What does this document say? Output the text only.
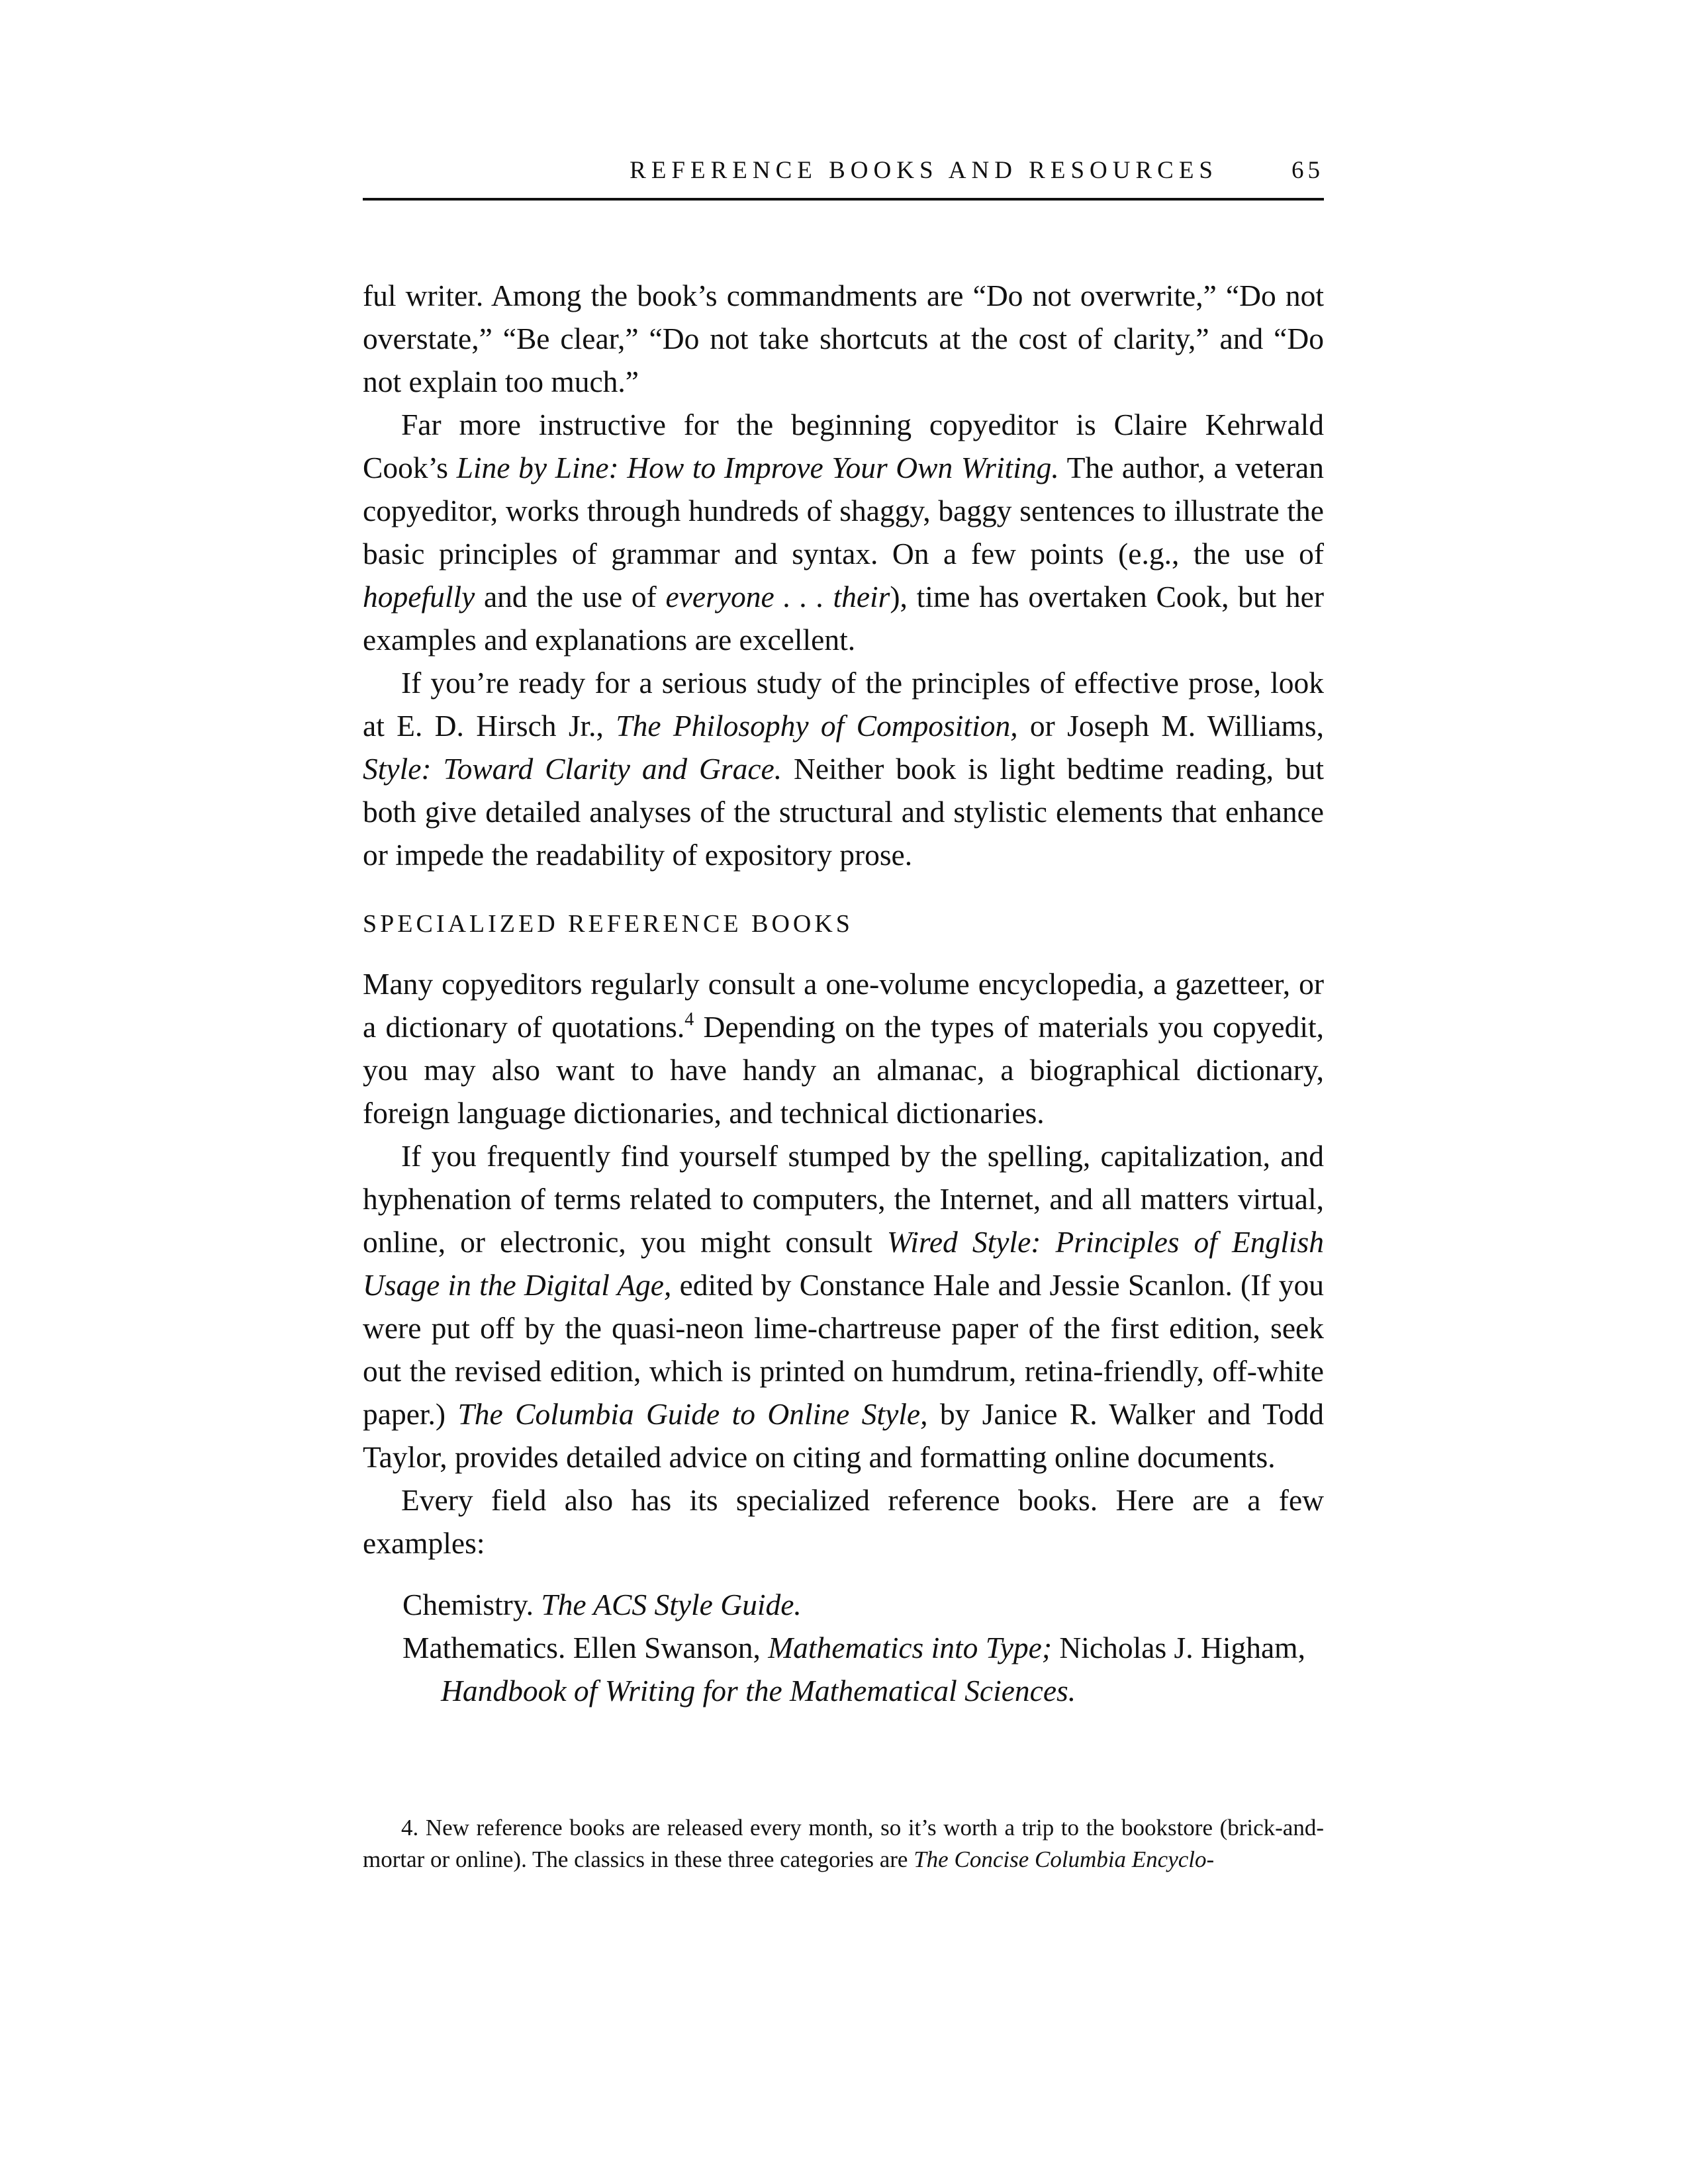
REFERENCE BOOKS AND RESOURCES	65

ful writer. Among the book’s commandments are “Do not overwrite,” “Do not overstate,” “Be clear,” “Do not take shortcuts at the cost of clarity,” and “Do not explain too much.”

Far more instructive for the beginning copyeditor is Claire Kehrwald Cook’s Line by Line: How to Improve Your Own Writing. The author, a veteran copyeditor, works through hundreds of shaggy, baggy sentences to illustrate the basic principles of grammar and syntax. On a few points (e.g., the use of hopefully and the use of everyone . . . their), time has overtaken Cook, but her examples and explanations are excellent.

If you’re ready for a serious study of the principles of effective prose, look at E. D. Hirsch Jr., The Philosophy of Composition, or Joseph M. Williams, Style: Toward Clarity and Grace. Neither book is light bedtime reading, but both give detailed analyses of the structural and stylistic elements that enhance or impede the readability of expository prose.

SPECIALIZED REFERENCE BOOKS

Many copyeditors regularly consult a one-volume encyclopedia, a gazetteer, or a dictionary of quotations.$^4$ Depending on the types of materials you copyedit, you may also want to have handy an almanac, a biographical dictionary, foreign language dictionaries, and technical dictionaries.

If you frequently find yourself stumped by the spelling, capitalization, and hyphenation of terms related to computers, the Internet, and all matters virtual, online, or electronic, you might consult Wired Style: Principles of English Usage in the Digital Age, edited by Constance Hale and Jessie Scanlon. (If you were put off by the quasi-neon lime-chartreuse paper of the first edition, seek out the revised edition, which is printed on humdrum, retina-friendly, off-white paper.) The Columbia Guide to Online Style, by Janice R. Walker and Todd Taylor, provides detailed advice on citing and formatting online documents.

Every field also has its specialized reference books. Here are a few examples:

Chemistry. The ACS Style Guide.

Mathematics. Ellen Swanson, Mathematics into Type; Nicholas J. Higham, Handbook of Writing for the Mathematical Sciences.

4. New reference books are released every month, so it’s worth a trip to the bookstore (brick-and-mortar or online). The classics in these three categories are The Concise Columbia Encyclo-
